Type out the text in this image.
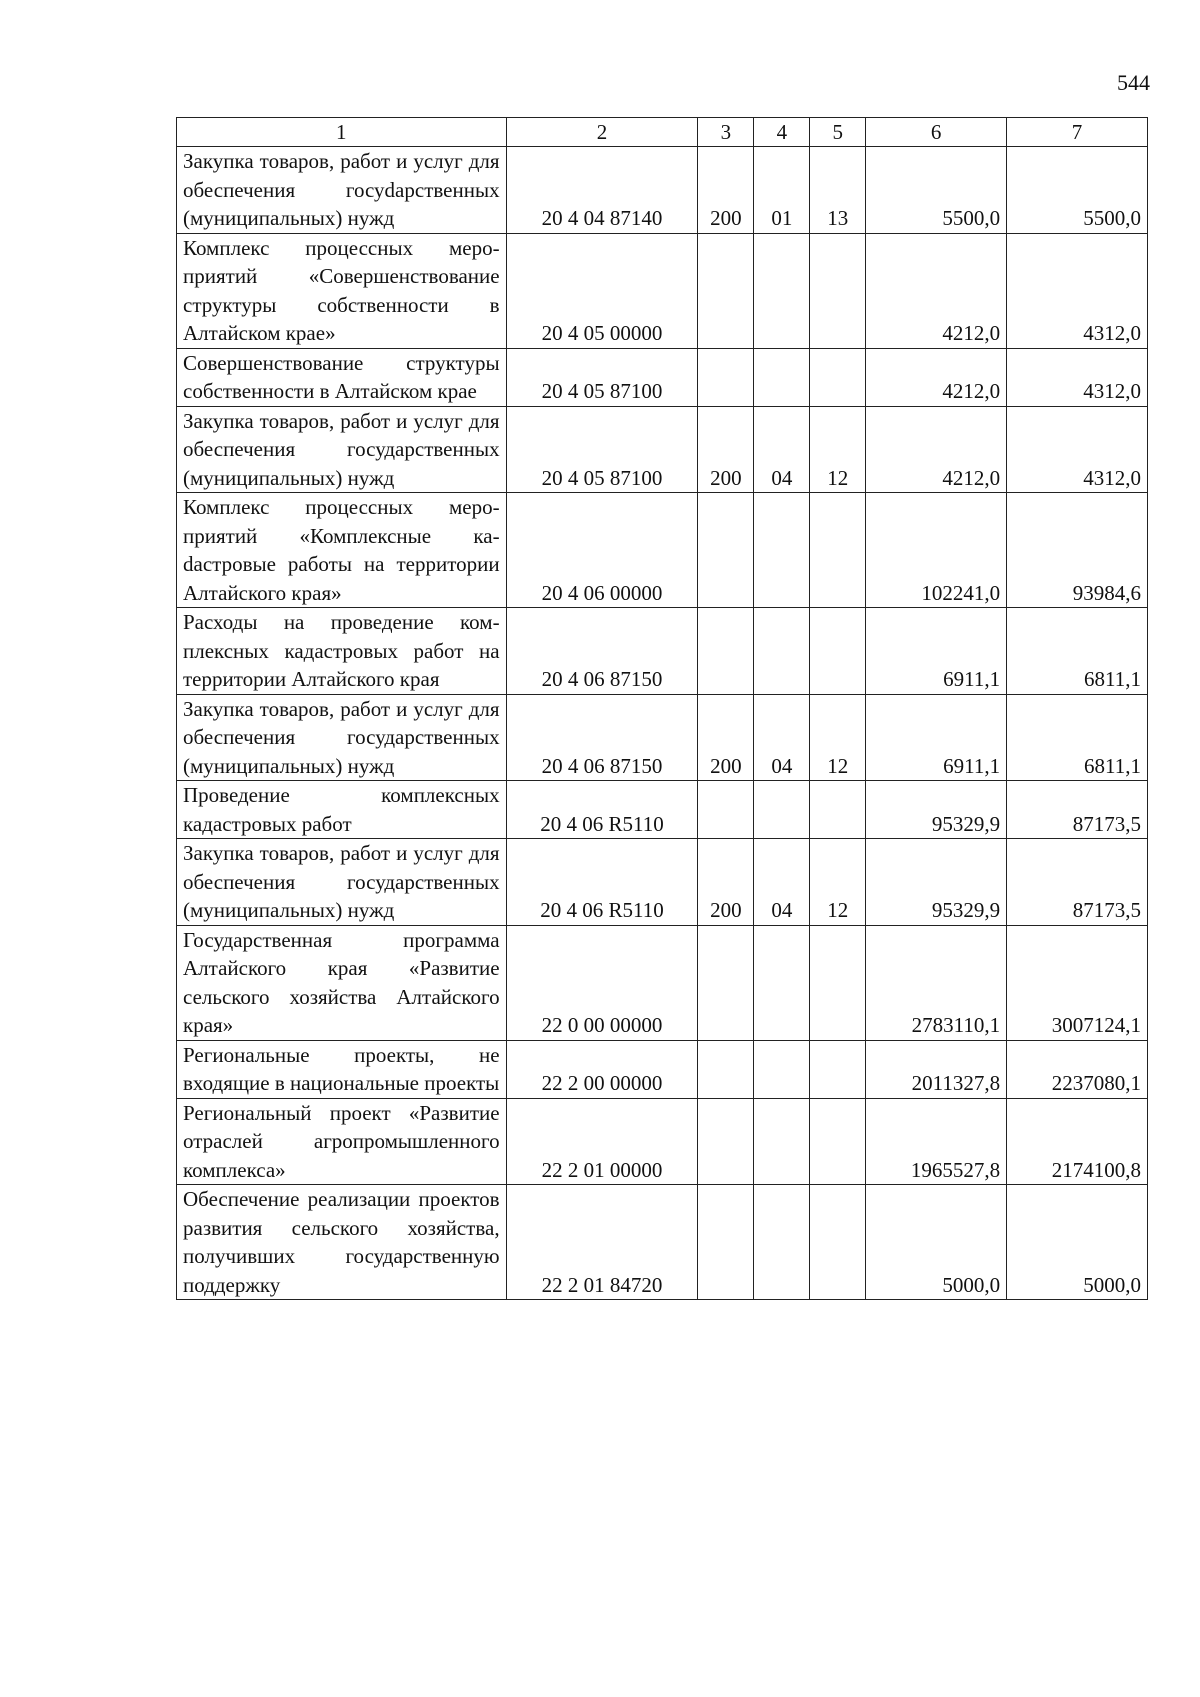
544
1	2	3	4	5	6	7
Закупка товаров, работ и услуг для обеспечения госуdарственных (муниципальных) нужд	20 4 04 87140	200	01	13	5500,0	5500,0
Комплекс процессных мероприятий «Совершенствование структуры собственности в Алтайском крае»	20 4 05 00000				4212,0	4312,0
Совершенствование структуры собственности в Алтайском крае	20 4 05 87100				4212,0	4312,0
Закупка товаров, работ и услуг для обеспечения государственных (муниципальных) нужд	20 4 05 87100	200	04	12	4212,0	4312,0
Комплекс процессных мероприятий «Комплексные каdастровые работы на территории Алтайского края»	20 4 06 00000				102241,0	93984,6
Расходы на проведение комплексных кадастровых работ на территории Алтайского края	20 4 06 87150				6911,1	6811,1
Закупка товаров, работ и услуг для обеспечения государственных (муниципальных) нужд	20 4 06 87150	200	04	12	6911,1	6811,1
Проведение комплексных кадастровых работ	20 4 06 R5110				95329,9	87173,5
Закупка товаров, работ и услуг для обеспечения государственных (муниципальных) нужд	20 4 06 R5110	200	04	12	95329,9	87173,5
Государственная программа Алтайского края «Развитие сельского хозяйства Алтайского края»	22 0 00 00000				2783110,1	3007124,1
Региональные проекты, не входящие в национальные проекты	22 2 00 00000				2011327,8	2237080,1
Региональный проект «Развитие отраслей агропромышленного комплекса»	22 2 01 00000				1965527,8	2174100,8
Обеспечение реализации проектов развития сельского хозяйства, получивших государственную поддержку	22 2 01 84720				5000,0	5000,0
